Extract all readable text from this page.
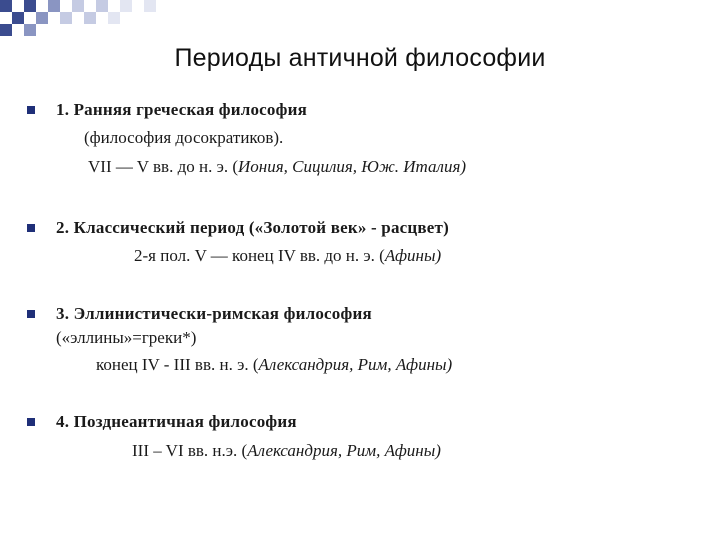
Периоды античной философии
1. Ранняя греческая философия
(философия досократиков).
VII — V вв. до н. э. (Иония, Сицилия, Юж. Италия)
2. Классический период («Золотой век» - расцвет)
2-я пол. V — конец IV вв. до н. э. (Афины)
3. Эллинистически-римская философия
(«эллины»=греки*)
конец IV - III вв. н. э. (Александрия, Рим, Афины)
4. Позднеантичная философия
III – VI вв. н.э. (Александрия, Рим, Афины)
